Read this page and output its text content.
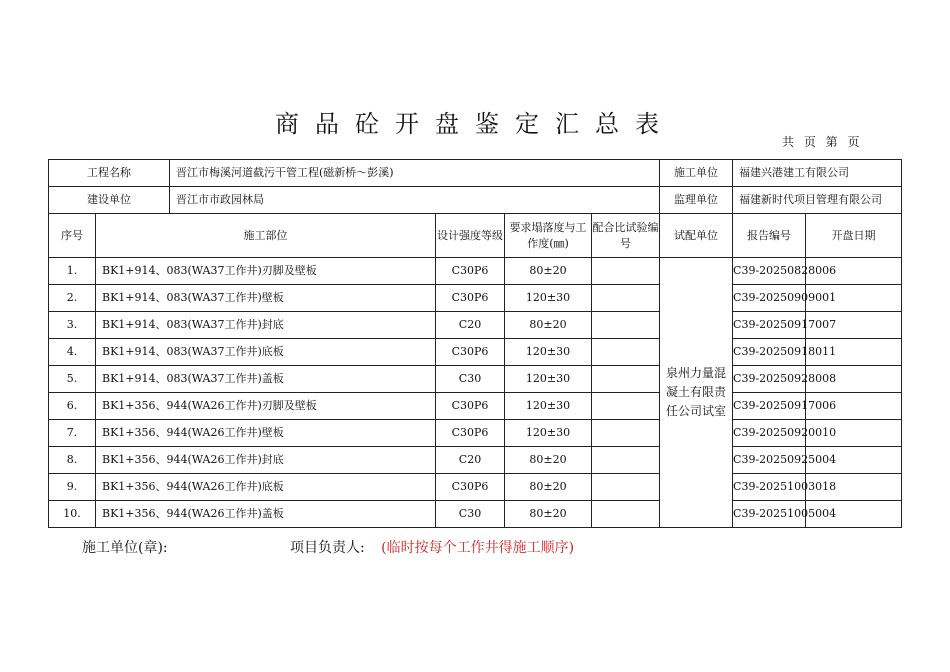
商品砼开盘鉴定汇总表
共 页 第 页
工程名称		晋江市梅溪河道截污干管工程(磁新桥～彭溪)				施工单位	福建兴港建工有限公司	
建设单位		晋江市市政园林局				监理单位	福建新时代项目管理有限公司	
序号	施工部位		设计强度等级	要求塌落度与工作度(㎜)	配合比试验编号	试配单位	报告编号	开盘日期
1.	BK1+914、083(WA37工作井)刃脚及壁板		C30P6	80±20		泉州力量混凝土有限责任公司试室	C39-20250828006	
2.	BK1+914、083(WA37工作井)壁板		C30P6	120±30			C39-20250909001	
3.	BK1+914、083(WA37工作井)封底		C20	80±20			C39-20250917007	
4.	BK1+914、083(WA37工作井)底板		C30P6	120±30			C39-20250918011	
5.	BK1+914、083(WA37工作井)盖板		C30	120±30			C39-20250928008	
6.	BK1+356、944(WA26工作井)刃脚及壁板		C30P6	120±30			C39-20250917006	
7.	BK1+356、944(WA26工作井)壁板		C30P6	120±30			C39-20250920010	
8.	BK1+356、944(WA26工作井)封底		C20	80±20			C39-20250925004	
9.	BK1+356、944(WA26工作井)底板		C30P6	80±20			C39-20251003018	
10.	BK1+356、944(WA26工作井)盖板		C30	80±20			C39-20251005004	
施工单位(章):	项目负责人: (临时按每个工作井得施工顺序)
